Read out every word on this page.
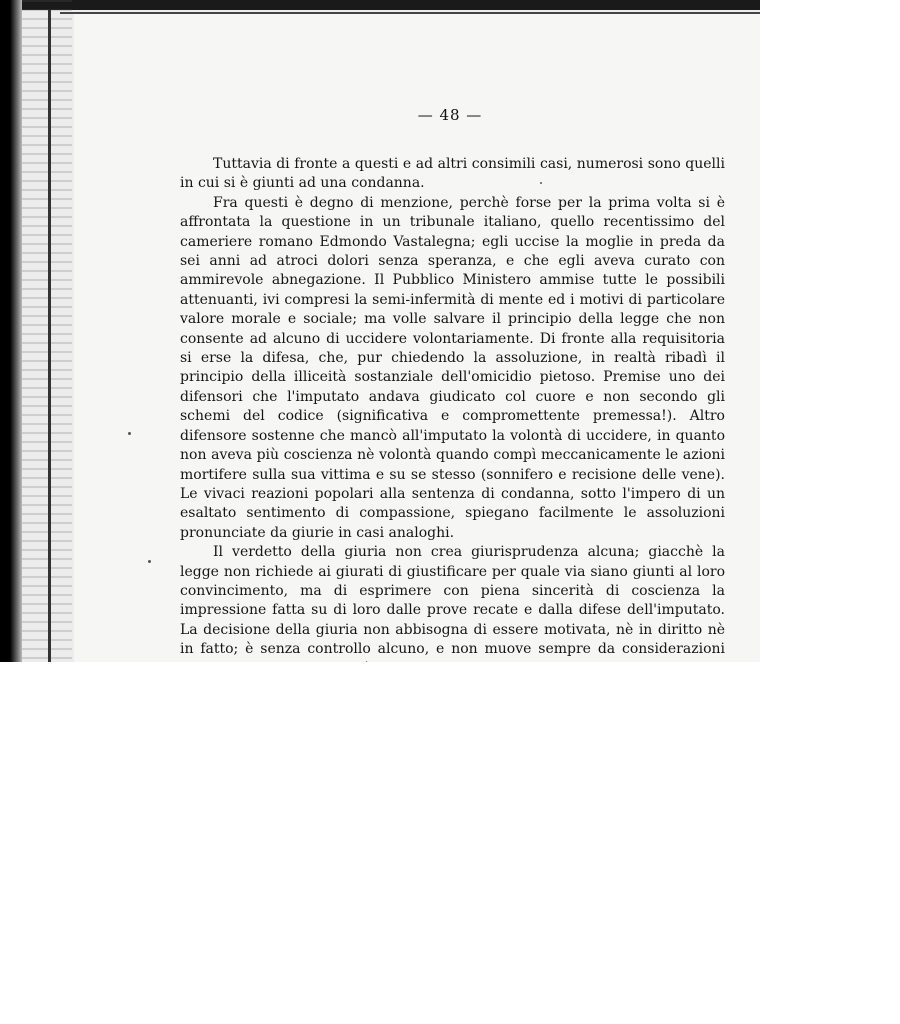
— 48 —

Tuttavia di fronte a questi e ad altri consimili casi, numerosi sono quelli in cui si è giunti ad una condanna.

Fra questi è degno di menzione, perchè forse per la prima volta si è affrontata la questione in un tribunale italiano, quello recentissimo del cameriere romano Edmondo Vastalegna; egli uccise la moglie in preda da sei anni ad atroci dolori senza speranza, e che egli aveva curato con ammirevole abnegazione. Il Pubblico Ministero ammise tutte le possibili attenuanti, ivi compresi la semi-infermità di mente ed i motivi di particolare valore morale e sociale; ma volle salvare il principio della legge che non consente ad alcuno di uccidere volontariamente. Di fronte alla requisitoria si erse la difesa, che, pur chiedendo la assoluzione, in realtà ribadì il principio della illiceità sostanziale dell'omicidio pietoso. Premise uno dei difensori che l'imputato andava giudicato col cuore e non secondo gli schemi del codice (significativa e compromettente premessa!). Altro difensore sostenne che mancò all'imputato la volontà di uccidere, in quanto non aveva più coscienza nè volontà quando compì meccanicamente le azioni mortifere sulla sua vittima e su se stesso (sonnifero e recisione delle vene). Le vivaci reazioni popolari alla sentenza di condanna, sotto l'impero di un esaltato sentimento di compassione, spiegano facilmente le assoluzioni pronunciate da giurie in casi analoghi.

Il verdetto della giuria non crea giurisprudenza alcuna; giacchè la legge non richiede ai giurati di giustificare per quale via siano giunti al loro convincimento, ma di esprimere con piena sincerità di coscienza la impressione fatta su di loro dalle prove recate e dalla difese dell'imputato. La decisione della giuria non abbisogna di essere motivata, nè in diritto nè in fatto; è senza controllo alcuno, e non muove sempre da considerazioni
